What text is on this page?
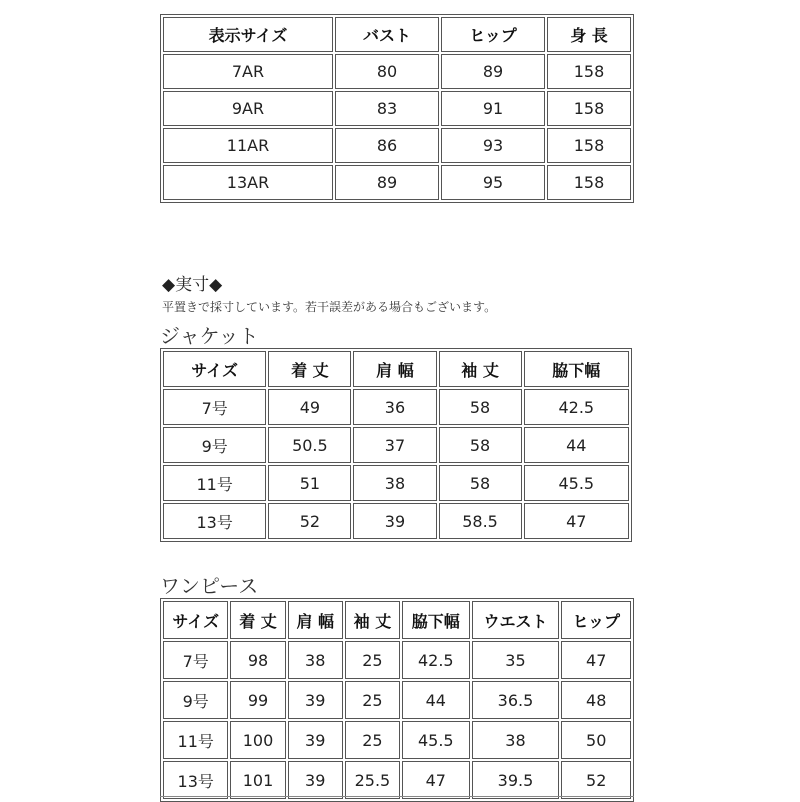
表示サイズ	バスト	ヒップ	身 長
7AR	80	89	158
9AR	83	91	158
11AR	86	93	158
13AR	89	95	158
◆実寸◆
平置きで採寸しています。若干誤差がある場合もございます。
ジャケット
サイズ	着 丈	肩 幅	袖 丈	脇下幅
7号	49	36	58	42.5
9号	50.5	37	58	44
11号	51	38	58	45.5
13号	52	39	58.5	47
ワンピース
サイズ	着 丈	肩 幅	袖 丈	脇下幅	ウエスト	ヒップ
7号	98	38	25	42.5	35	47
9号	99	39	25	44	36.5	48
11号	100	39	25	45.5	38	50
13号	101	39	25.5	47	39.5	52
